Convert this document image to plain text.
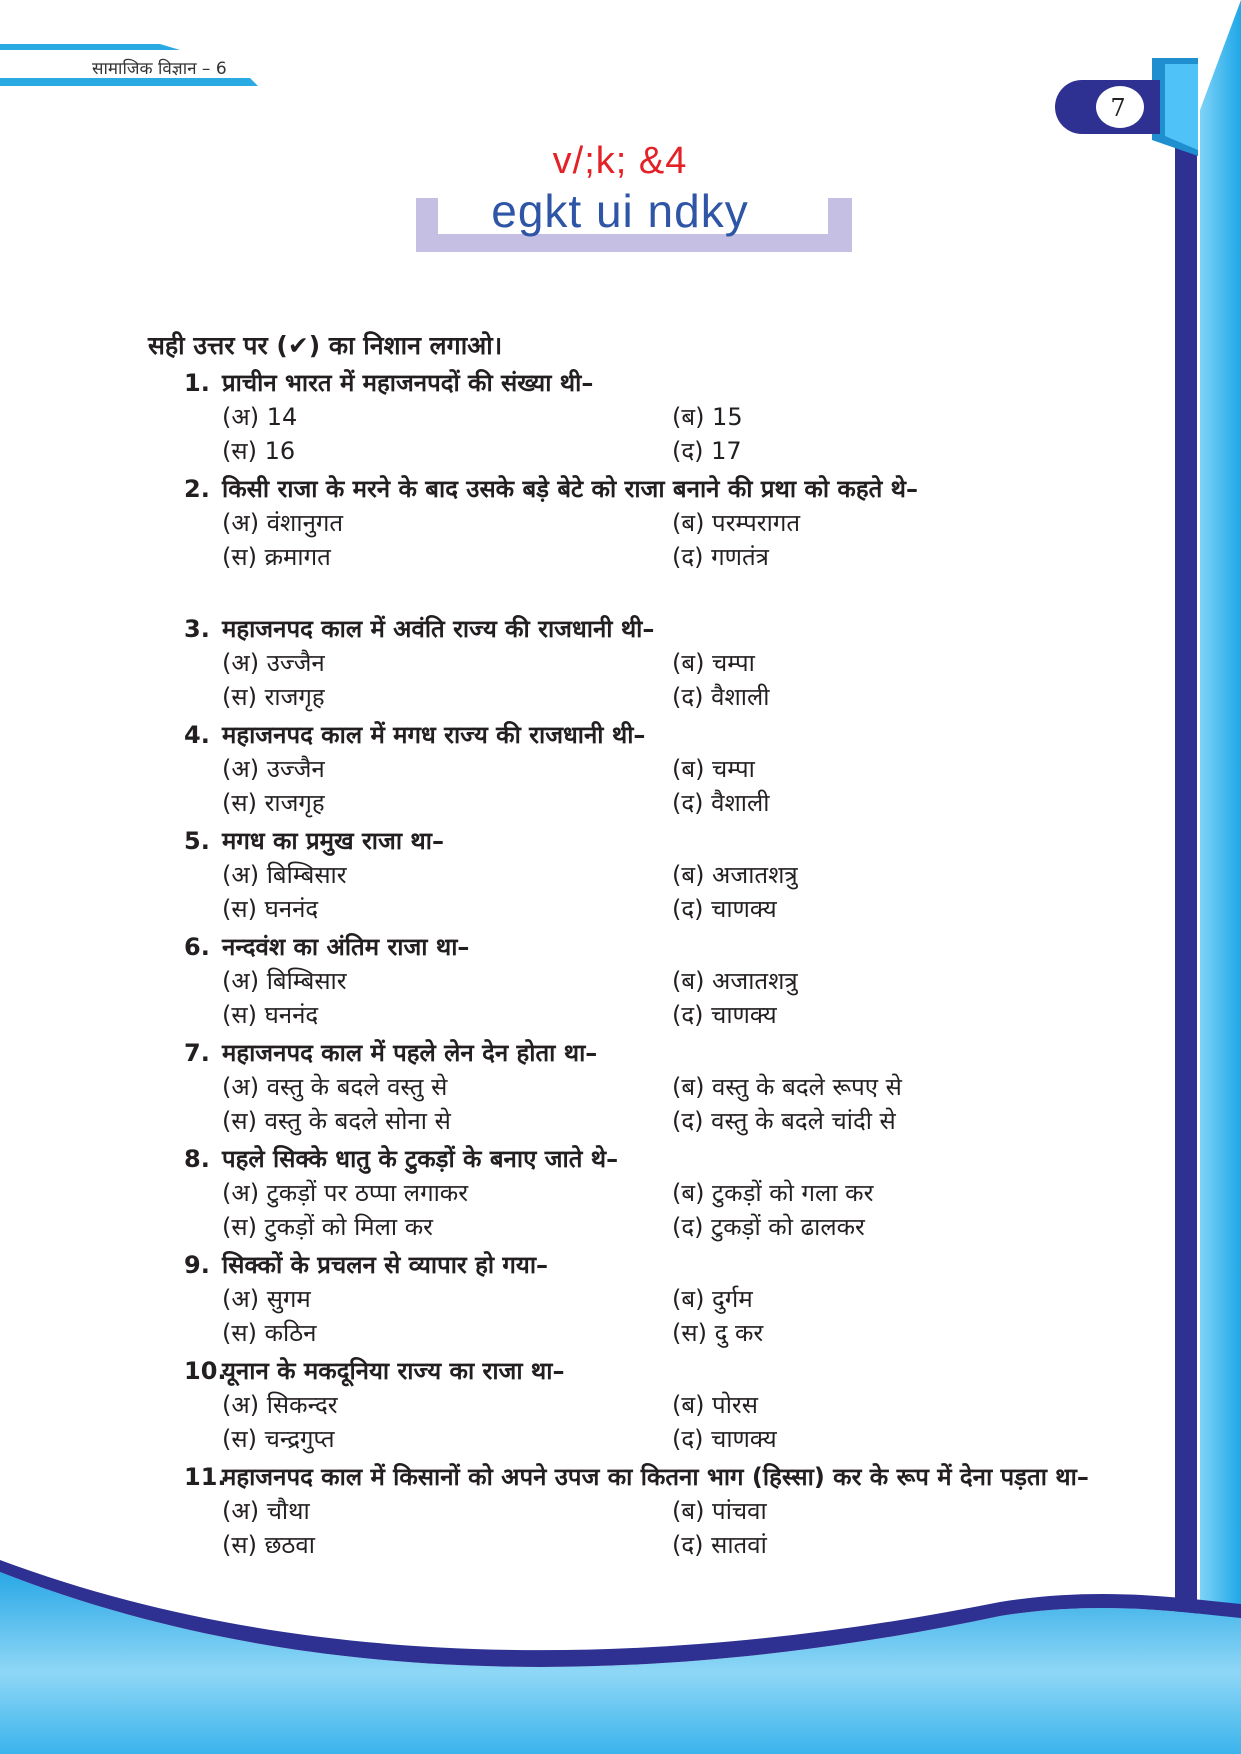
सामाजिक विज्ञान – 6
7
v/;k; &4
egkt ui ndky
सही उत्तर पर (✔) का निशान लगाओ।
1. प्राचीन भारत में महाजनपदों की संख्या थी–
(अ) 14	(ब) 15
(स) 16	(द) 17
2. किसी राजा के मरने के बाद उसके बड़े बेटे को राजा बनाने की प्रथा को कहते थे–
(अ) वंशानुगत	(ब) परम्परागत
(स) क्रमागत	(द) गणतंत्र
3. महाजनपद काल में अवंति राज्य की राजधानी थी–
(अ) उज्जैन	(ब) चम्पा
(स) राजगृह	(द) वैशाली
4. महाजनपद काल में मगध राज्य की राजधानी थी–
(अ) उज्जैन	(ब) चम्पा
(स) राजगृह	(द) वैशाली
5. मगध का प्रमुख राजा था–
(अ) बिम्बिसार	(ब) अजातशत्रु
(स) घननंद	(द) चाणक्य
6. नन्दवंश का अंतिम राजा था–
(अ) बिम्बिसार	(ब) अजातशत्रु
(स) घननंद	(द) चाणक्य
7. महाजनपद काल में पहले लेन देन होता था–
(अ) वस्तु के बदले वस्तु से	(ब) वस्तु के बदले रूपए से
(स) वस्तु के बदले सोना से	(द) वस्तु के बदले चांदी से
8. पहले सिक्के धातु के टुकड़ों के बनाए जाते थे–
(अ) टुकड़ों पर ठप्पा लगाकर	(ब) टुकड़ों को गला कर
(स) टुकड़ों को मिला कर	(द) टुकड़ों को ढालकर
9. सिक्कों के प्रचलन से व्यापार हो गया–
(अ) सुगम	(ब) दुर्गम
(स) कठिन	(स) दु कर
10.
यूनान के मकदूनिया राज्य का राजा था–
(अ) सिकन्दर	(ब) पोरस
(स) चन्द्रगुप्त	(द) चाणक्य
11.
महाजनपद काल में किसानों को अपने उपज का कितना भाग (हिस्सा) कर के रूप में देना पड़ता था–
(अ) चौथा	(ब) पांचवा
(स) छठवा	(द) सातवां
